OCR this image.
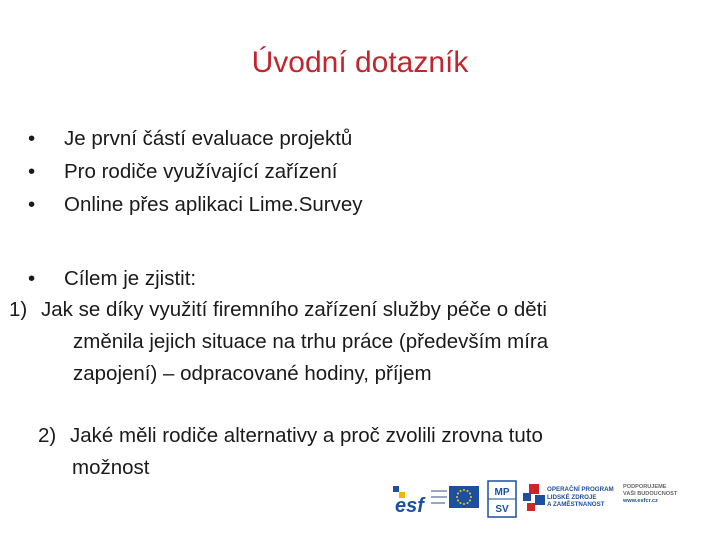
Úvodní dotazník
• Je první částí evaluace projektů
• Pro rodiče využívající zařízení
• Online přes aplikaci Lime.Survey
• Cílem je zjistit:
1) Jak se díky využití firemního zařízení služby péče o děti
změnila jejich situace na trhu práce (především míra
zapojení) – odpracované hodiny, příjem
2) Jaké měli rodiče alternativy a proč zvolili zrovna tuto
možnost
esf
MP
SV
OPERAČNÍ PROGRAM
LIDSKÉ ZDROJE
A ZAMĚSTNANOST
PODPORUJEME
VAŠI BUDOUCNOST
www.esfcr.cz
